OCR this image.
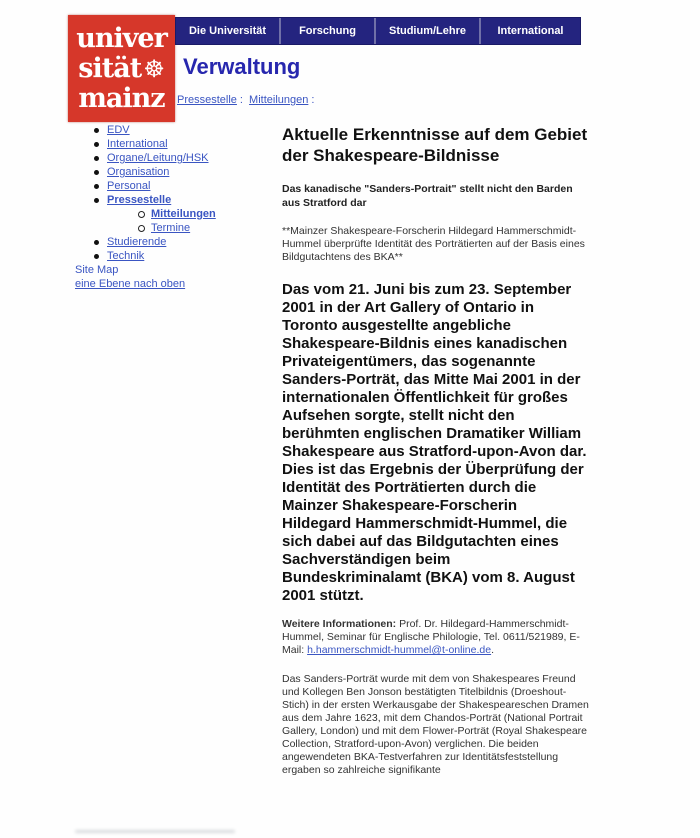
univer
sität ☸
mainz
Die Universität	Forschung	Studium/Lehre	International
Verwaltung
Pressestelle : Mitteilungen :
EDV
International
Organe/Leitung/HSK
Organisation
Personal
Pressestelle
Mitteilungen
Termine
Studierende
Technik
Site Map
eine Ebene nach oben
Aktuelle Erkenntnisse auf dem Gebiet der Shakespeare-Bildnisse
Das kanadische "Sanders-Portrait" stellt nicht den Barden aus Stratford dar
**Mainzer Shakespeare-Forscherin Hildegard Hammerschmidt-Hummel überprüfte Identität des Porträtierten auf der Basis eines Bildgutachtens des BKA**
Das vom 21. Juni bis zum 23. September 2001 in der Art Gallery of Ontario in Toronto ausgestellte angebliche Shakespeare-Bildnis eines kanadischen Privateigentümers, das sogenannte Sanders-Porträt, das Mitte Mai 2001 in der internationalen Öffentlichkeit für großes Aufsehen sorgte, stellt nicht den berühmten englischen Dramatiker William Shakespeare aus Stratford-upon-Avon dar. Dies ist das Ergebnis der Überprüfung der Identität des Porträtierten durch die Mainzer Shakespeare-Forscherin Hildegard Hammerschmidt-Hummel, die sich dabei auf das Bildgutachten eines Sachverständigen beim Bundeskriminalamt (BKA) vom 8. August 2001 stützt.
Weitere Informationen: Prof. Dr. Hildegard-Hammerschmidt-Hummel, Seminar für Englische Philologie, Tel. 0611/521989, E-Mail: h.hammerschmidt-hummel@t-online.de.
Das Sanders-Porträt wurde mit dem von Shakespeares Freund und Kollegen Ben Jonson bestätigten Titelbildnis (Droeshout-Stich) in der ersten Werkausgabe der Shakespeareschen Dramen aus dem Jahre 1623, mit dem Chandos-Porträt (National Portrait Gallery, London) und mit dem Flower-Porträt (Royal Shakespeare Collection, Stratford-upon-Avon) verglichen. Die beiden angewendeten BKA-Testverfahren zur Identitätsfeststellung ergaben so zahlreiche signifikante
